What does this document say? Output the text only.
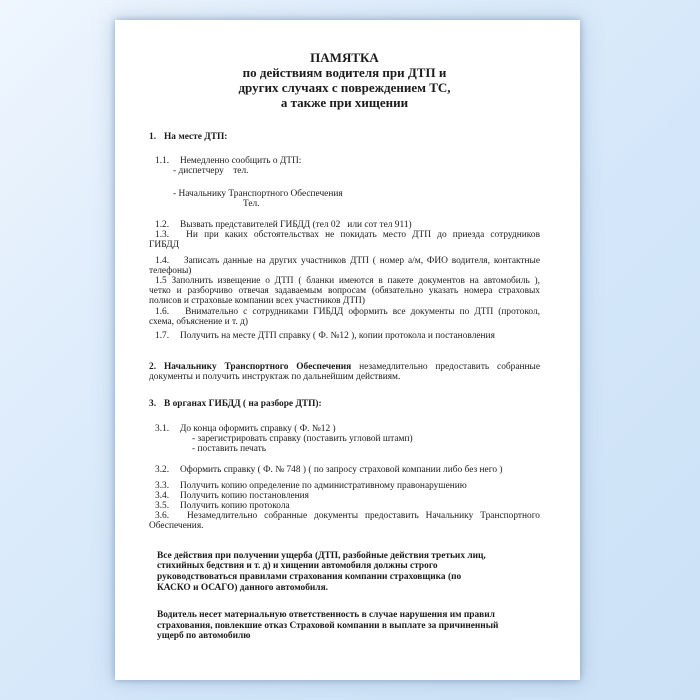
ПАМЯТКА
по действиям водителя при ДТП и
других случаях с повреждением ТС,
а также при хищении

1. На месте ДТП:

1.1. Немедленно сообщить о ДТП:

- диспетчеру    тел.

- Начальнику Транспортного Обеспечения

Тел.

1.2. Вызвать представителей ГИБДД (тел 02   или сот тел 911)

1.3. Ни при каких обстоятельствах не покидать место ДТП до приезда сотрудников

ГИБДД

1.4. Записать данные на других участников ДТП ( номер а/м, ФИО водителя, контактные

телефоны)

1.5 Заполнить извещение о ДТП ( бланки имеются в пакете документов на автомобиль ),

четко и разборчиво отвечая задаваемым вопросам (обязательно указать номера страховых

полисов и страховые компании всех участников ДТП)

1.6. Внимательно с сотрудниками ГИБДД оформить все документы по ДТП (протокол,

схема, объяснение и т. д)

1.7. Получить на месте ДТП справку ( Ф. №12 ), копии протокола и постановления

2. Начальнику Транспортного Обеспечения незамедлительно предоставить собранные

документы и получить инструктаж по дальнейшим действиям.

3. В органах ГИБДД ( на разборе ДТП):

3.1. До конца оформить справку ( Ф. №12 )

- зарегистрировать справку (поставить угловой штамп)

- поставить печать

3.2. Оформить справку ( Ф. № 748 ) ( по запросу страховой компании либо без него )

3.3. Получить копию определение по административному правонарушению

3.4. Получить копию постановления

3.5. Получить копию протокола

3.6. Незамедлительно собранные документы предоставить Начальнику Транспортного

Обеспечения.

Все действия при получении ущерба (ДТП, разбойные действия третьих лиц,
стихийных бедствия и т. д) и хищении автомобиля должны строго
руководствоваться правилами страхования компании страховщика (по
КАСКО и ОСАГО) данного автомобиля.
Водитель несет материальную ответственность в случае нарушения им правил
страхования, повлекшие отказ Страховой компании в выплате за причиненный
ущерб по автомобилю
